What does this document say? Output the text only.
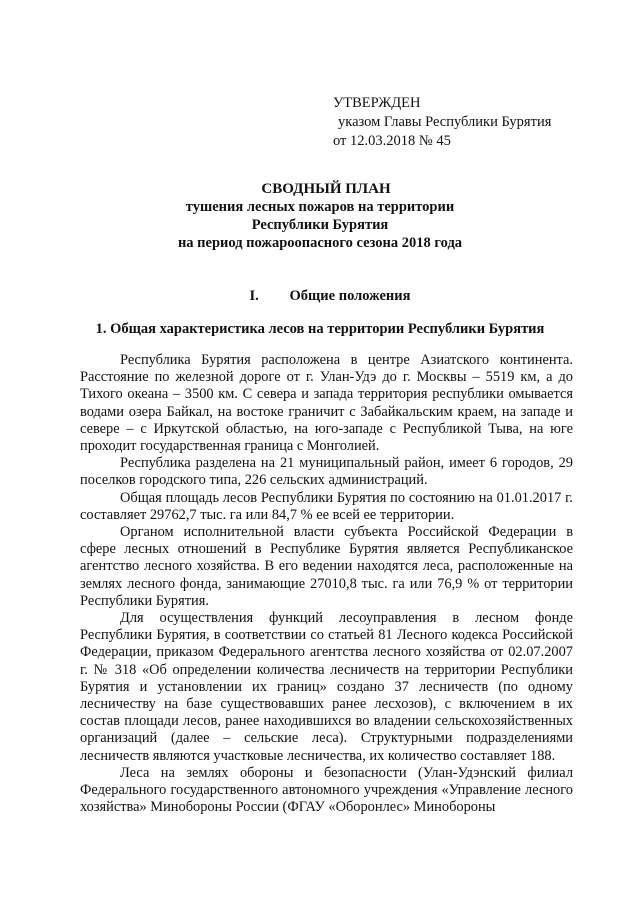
УТВЕРЖДЕН
указом Главы Республики Бурятия
от 12.03.2018 № 45
СВОДНЫЙ ПЛАН
тушения лесных пожаров на территории
Республики Бурятия
на период пожароопасного сезона 2018 года
I. Общие положения
1. Общая характеристика лесов на территории Республики Бурятия

Республика Бурятия расположена в центре Азиатского континента. Расстояние по железной дороге от г. Улан-Удэ до г. Москвы – 5519 км, а до Тихого океана – 3500 км. С севера и запада территория республики омывается водами озера Байкал, на востоке граничит с Забайкальским краем, на западе и севере – с Иркутской областью, на юго-западе с Республикой Тыва, на юге проходит государственная граница с Монголией.

Республика разделена на 21 муниципальный район, имеет 6 городов, 29 поселков городского типа, 226 сельских администраций.

Общая площадь лесов Республики Бурятия по состоянию на 01.01.2017 г. составляет 29762,7 тыс. га или 84,7 % ее всей ее территории.

Органом исполнительной власти субъекта Российской Федерации в сфере лесных отношений в Республике Бурятия является Республиканское агентство лесного хозяйства. В его ведении находятся леса, расположенные на землях лесного фонда, занимающие 27010,8 тыс. га или 76,9 % от территории Республики Бурятия.

Для осуществления функций лесоуправления в лесном фонде Республики Бурятия, в соответствии со статьей 81 Лесного кодекса Российской Федерации, приказом Федерального агентства лесного хозяйства от 02.07.2007 г. № 318 «Об определении количества лесничеств на территории Республики Бурятия и установлении их границ» создано 37 лесничеств (по одному лесничеству на базе существовавших ранее лесхозов), с включением в их состав площади лесов, ранее находившихся во владении сельскохозяйственных организаций (далее – сельские леса). Структурными подразделениями лесничеств являются участковые лесничества, их количество составляет 188.

Леса на землях обороны и безопасности (Улан-Удэнский филиал Федерального государственного автономного учреждения «Управление лесного хозяйства» Минобороны России (ФГАУ «Оборонлес» Минобороны
